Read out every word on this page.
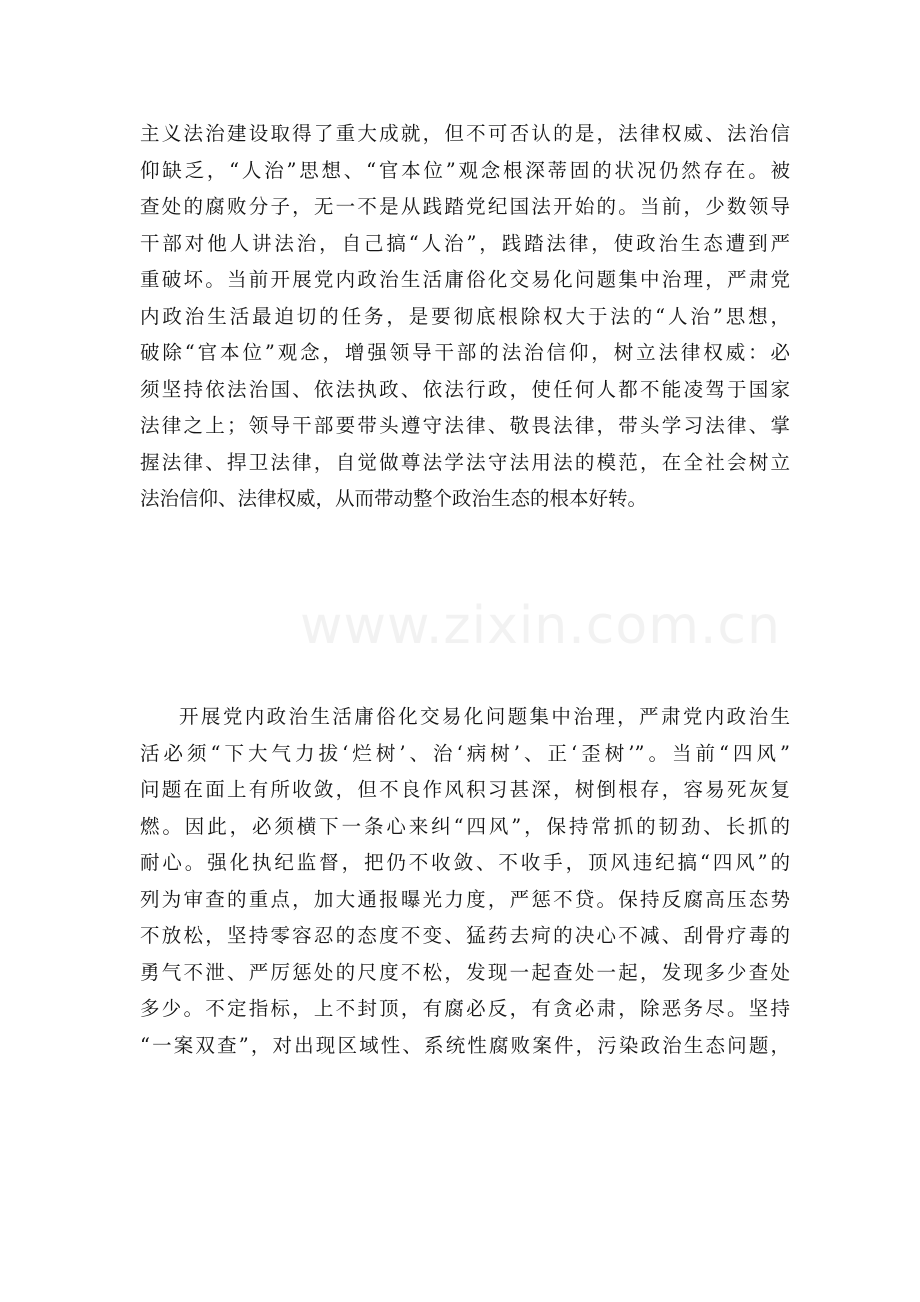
主义法治建设取得了重大成就，但不可否认的是，法律权威、法治信
仰缺乏，“人治”思想、“官本位”观念根深蒂固的状况仍然存在。被
查处的腐败分子，无一不是从践踏党纪国法开始的。当前，少数领导
干部对他人讲法治，自己搞“人治”，践踏法律，使政治生态遭到严
重破坏。当前开展党内政治生活庸俗化交易化问题集中治理，严肃党
内政治生活最迫切的任务，是要彻底根除权大于法的“人治”思想，
破除“官本位”观念，增强领导干部的法治信仰，树立法律权威：必
须坚持依法治国、依法执政、依法行政，使任何人都不能凌驾于国家
法律之上；领导干部要带头遵守法律、敬畏法律，带头学习法律、掌
握法律、捍卫法律，自觉做尊法学法守法用法的模范，在全社会树立
法治信仰、法律权威，从而带动整个政治生态的根本好转。
www.zixin.com.cn
开展党内政治生活庸俗化交易化问题集中治理，严肃党内政治生
活必须“下大气力拔‘烂树’、治‘病树’、正‘歪树’”。当前“四风”
问题在面上有所收敛，但不良作风积习甚深，树倒根存，容易死灰复
燃。因此，必须横下一条心来纠“四风”，保持常抓的韧劲、长抓的
耐心。强化执纪监督，把仍不收敛、不收手，顶风违纪搞“四风”的
列为审查的重点，加大通报曝光力度，严惩不贷。保持反腐高压态势
不放松，坚持零容忍的态度不变、猛药去疴的决心不减、刮骨疗毒的
勇气不泄、严厉惩处的尺度不松，发现一起查处一起，发现多少查处
多少。不定指标，上不封顶，有腐必反，有贪必肃，除恶务尽。坚持
“一案双查”，对出现区域性、系统性腐败案件，污染政治生态问题，
